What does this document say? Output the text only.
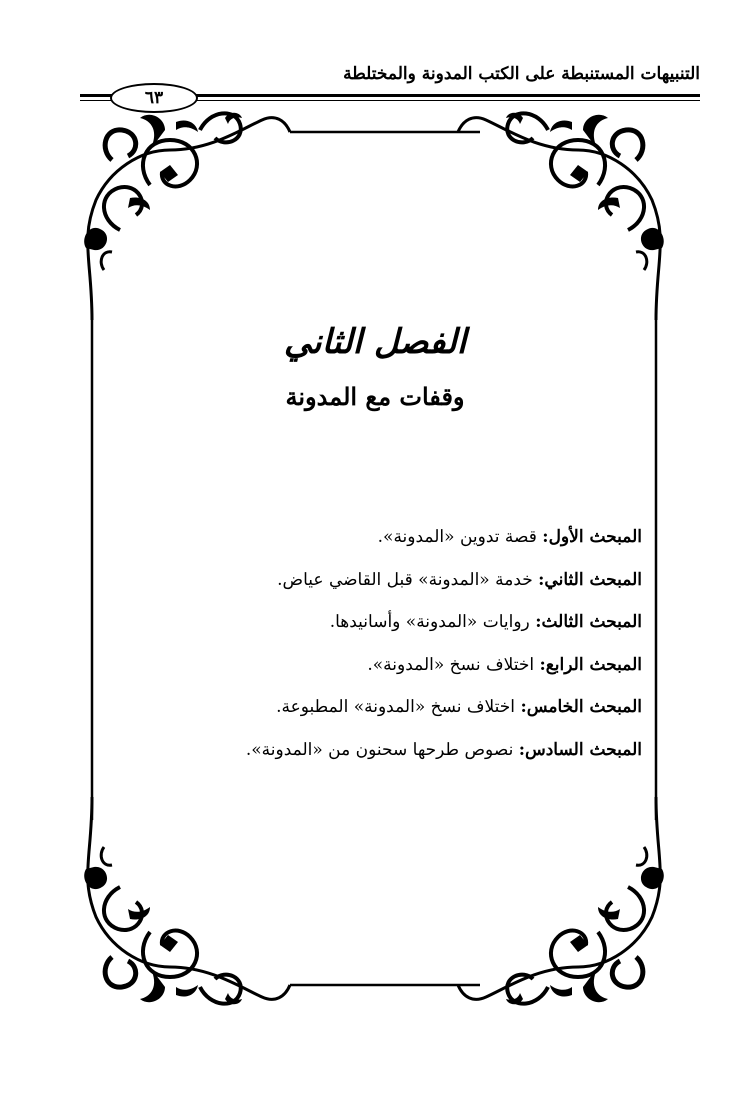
التنبيهات المستنبطة على الكتب المدونة والمختلطة
٦٣
الفصل الثاني
وقفات مع المدونة
المبحث الأول: قصة تدوين «المدونة».
المبحث الثاني: خدمة «المدونة» قبل القاضي عياض.
المبحث الثالث: روايات «المدونة» وأسانيدها.
المبحث الرابع: اختلاف نسخ «المدونة».
المبحث الخامس: اختلاف نسخ «المدونة» المطبوعة.
المبحث السادس: نصوص طرحها سحنون من «المدونة».
